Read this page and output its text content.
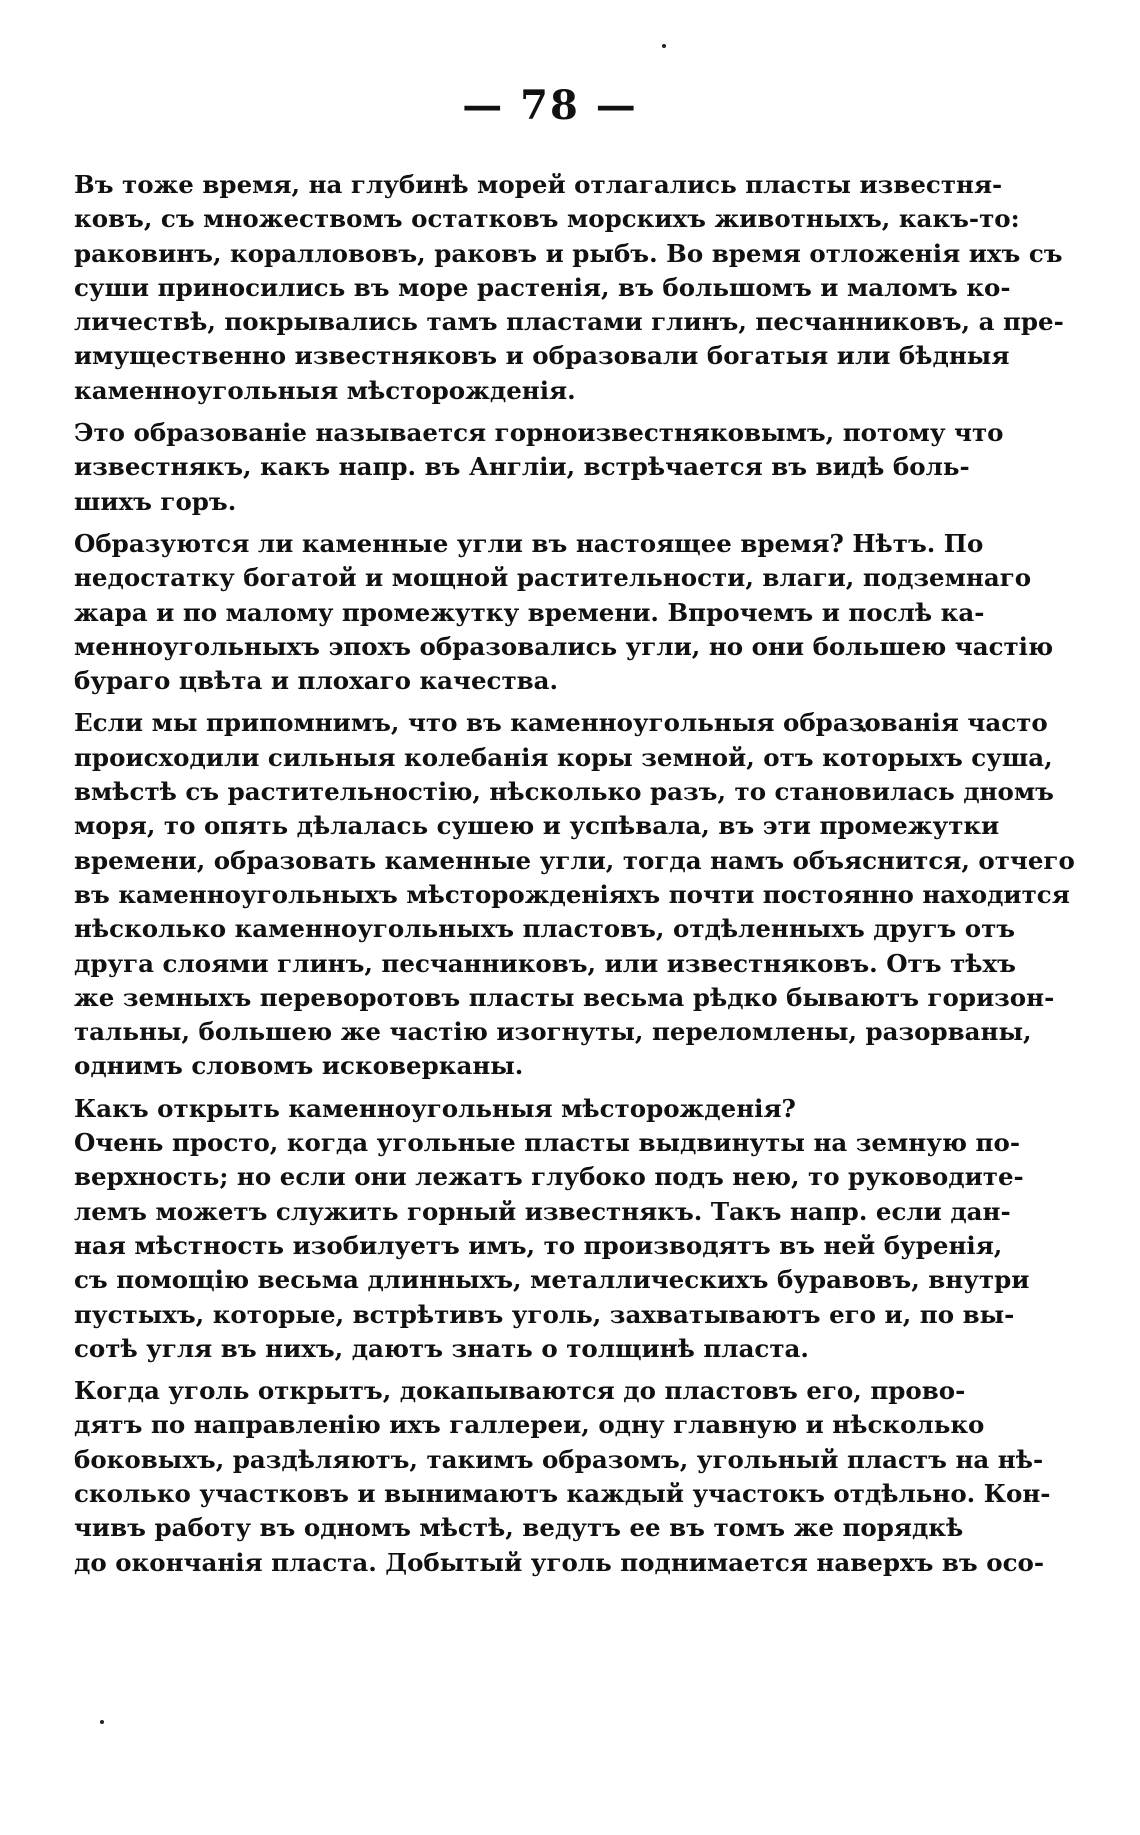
— 78 —
Въ тоже время, на глубинѣ морей отлагались пласты известня-
ковъ, съ множествомъ остатковъ морскихъ животныхъ, какъ-то:
раковинъ, кораллововъ, раковъ и рыбъ. Во время отложенія ихъ съ
суши приносились въ море растенія, въ большомъ и маломъ ко-
личествѣ, покрывались тамъ пластами глинъ, песчанниковъ, а пре-
имущественно известняковъ и образовали богатыя или бѣдныя
каменноугольныя мѣсторожденія.
Это образованіе называется горноизвестняковымъ, потому что
известнякъ, какъ напр. въ Англіи, встрѣчается въ видѣ боль-
шихъ горъ.
Образуются ли каменные угли въ настоящее время? Нѣтъ. По
недостатку богатой и мощной растительности, влаги, подземнаго
жара и по малому промежутку времени. Впрочемъ и послѣ ка-
менноугольныхъ эпохъ образовались угли, но они большею частію
бураго цвѣта и плохаго качества.
Если мы припомнимъ, что въ каменноугольныя образованія часто
происходили сильныя колебанія коры земной, отъ которыхъ суша,
вмѣстѣ съ растительностію, нѣсколько разъ, то становилась дномъ
моря, то опять дѣлалась сушею и успѣвала, въ эти промежутки
времени, образовать каменные угли, тогда намъ объяснится, отчего
въ каменноугольныхъ мѣсторожденіяхъ почти постоянно находится
нѣсколько каменноугольныхъ пластовъ, отдѣленныхъ другъ отъ
друга слоями глинъ, песчанниковъ, или известняковъ. Отъ тѣхъ
же земныхъ переворотовъ пласты весьма рѣдко бываютъ горизон-
тальны, большею же частію изогнуты, переломлены, разорваны,
однимъ словомъ исковерканы.
Какъ открыть каменноугольныя мѣсторожденія?
Очень просто, когда угольные пласты выдвинуты на земную по-
верхность; но если они лежатъ глубоко подъ нею, то руководите-
лемъ можетъ служить горный известнякъ. Такъ напр. если дан-
ная мѣстность изобилуетъ имъ, то производятъ въ ней буренія,
съ помощію весьма длинныхъ, металлическихъ буравовъ, внутри
пустыхъ, которые, встрѣтивъ уголь, захватываютъ его и, по вы-
сотѣ угля въ нихъ, даютъ знать о толщинѣ пласта.
Когда уголь открытъ, докапываются до пластовъ его, прово-
дятъ по направленію ихъ галлереи, одну главную и нѣсколько
боковыхъ, раздѣляютъ, такимъ образомъ, угольный пластъ на нѣ-
сколько участковъ и вынимаютъ каждый участокъ отдѣльно. Кон-
чивъ работу въ одномъ мѣстѣ, ведутъ ее въ томъ же порядкѣ
до окончанія пласта. Добытый уголь поднимается наверхъ въ осо-
